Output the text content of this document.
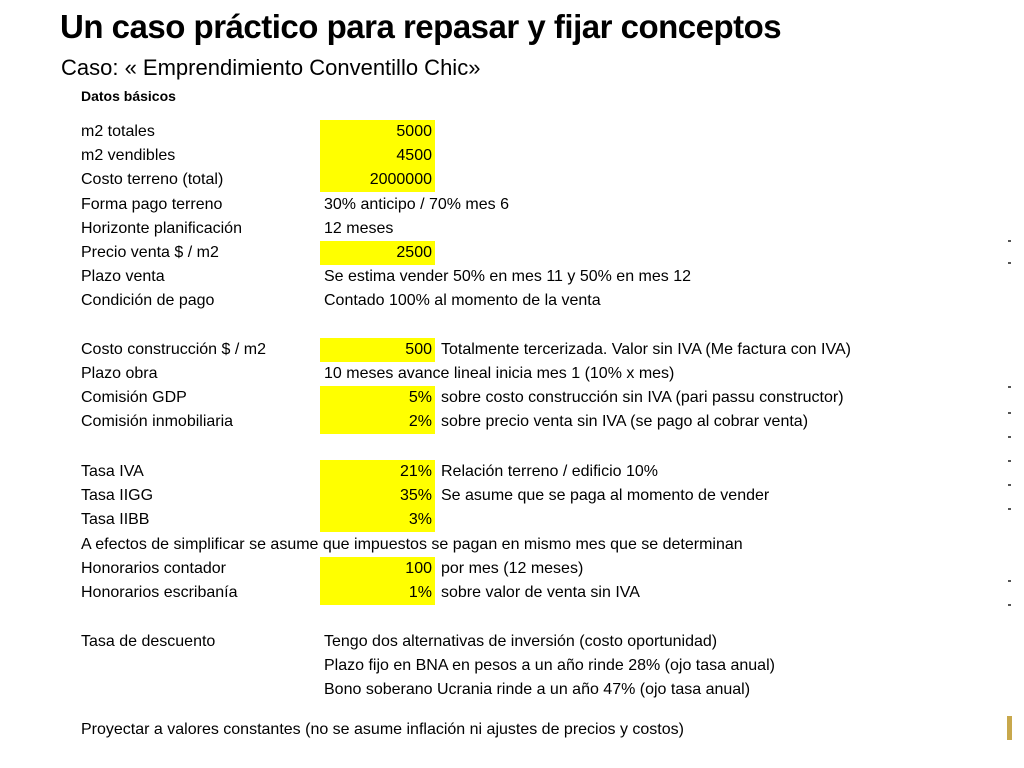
Un caso práctico para repasar y fijar conceptos

Caso: « Emprendimiento Conventillo Chic»

Datos básicos
m2 totales	5000
m2 vendibles	4500
Costo terreno (total)	2000000
Forma pago terreno	30% anticipo / 70% mes 6
Horizonte planificación	12 meses
Precio venta $ / m2	2500
Plazo venta	Se estima vender 50% en mes 11 y 50% en mes 12
Condición de pago	Contado 100% al momento de la venta
Costo construcción $ / m2	500 Totalmente tercerizada. Valor sin IVA (Me factura con IVA)
Plazo obra	10 meses avance lineal inicia mes 1 (10% x mes)
Comisión GDP	5% sobre costo construcción sin IVA (pari passu constructor)
Comisión inmobiliaria	2% sobre precio venta sin IVA (se pago al cobrar venta)
Tasa IVA	21% Relación terreno / edificio 10%
Tasa IIGG	35% Se asume que se paga al momento de vender
Tasa IIBB	3%
A efectos de simplificar se asume que impuestos se pagan en mismo mes que se determinan
Honorarios contador	100 por mes (12 meses)
Honorarios escribanía	1% sobre valor de venta sin IVA
Tasa de descuento	Tengo dos alternativas de inversión (costo oportunidad)
Plazo fijo en BNA en pesos a un año rinde 28% (ojo tasa anual)
Bono soberano Ucrania rinde a un año 47% (ojo tasa anual)
Proyectar a valores constantes (no se asume inflación ni ajustes de precios y costos)
